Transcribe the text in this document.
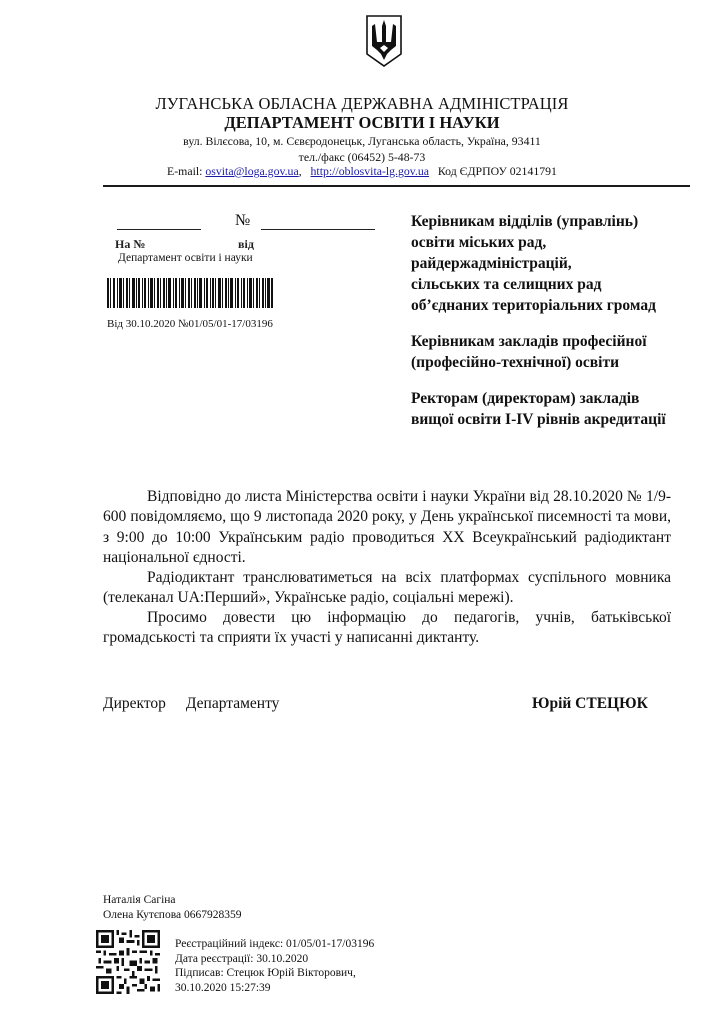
ЛУГАНСЬКА ОБЛАСНА ДЕРЖАВНА АДМІНІСТРАЦІЯ
ДЕПАРТАМЕНТ ОСВІТИ І НАУКИ
вул. Вілєсова, 10, м. Сєвєродонецьк, Луганська область, Україна, 93411
тел./факс (06452) 5-48-73
E-mail: osvita@loga.gov.ua, http://oblosvita-lg.gov.ua Код ЄДРПОУ 02141791
№
На №	від
Департамент освіти і науки
Від 30.10.2020 №01/05/01-17/03196
Керівникам відділів (управлінь)
освіти міських рад,
райдержадміністрацій,
сільських та селищних рад
об’єднаних територіальних громад
Керівникам закладів професійної
(професійно-технічної) освіти
Ректорам (директорам) закладів
вищої освіти І-ІV рівнів акредитації
Відповідно до листа Міністерства освіти і науки України від 28.10.2020 № 1/9-600 повідомляємо, що 9 листопада 2020 року, у День української писемності та мови, з 9:00 до 10:00 Українським радіо проводиться ХХ Всеукраїнський радіодиктант національної єдності.
Радіодиктант транслюватиметься на всіх платформах суспільного мовника (телеканал UA:Перший», Українське радіо, соціальні мережі).
Просимо довести цю інформацію до педагогів, учнів, батьківської громадськості та сприяти їх участі у написанні диктанту.
Директор Департаменту	Юрій СТЕЦЮК
Наталія Сагіна
Олена Кутєпова 0667928359
Реєстраційний індекс: 01/05/01-17/03196
Дата реєстрації: 30.10.2020
Підписав: Стецюк Юрій Вікторович,
30.10.2020 15:27:39
